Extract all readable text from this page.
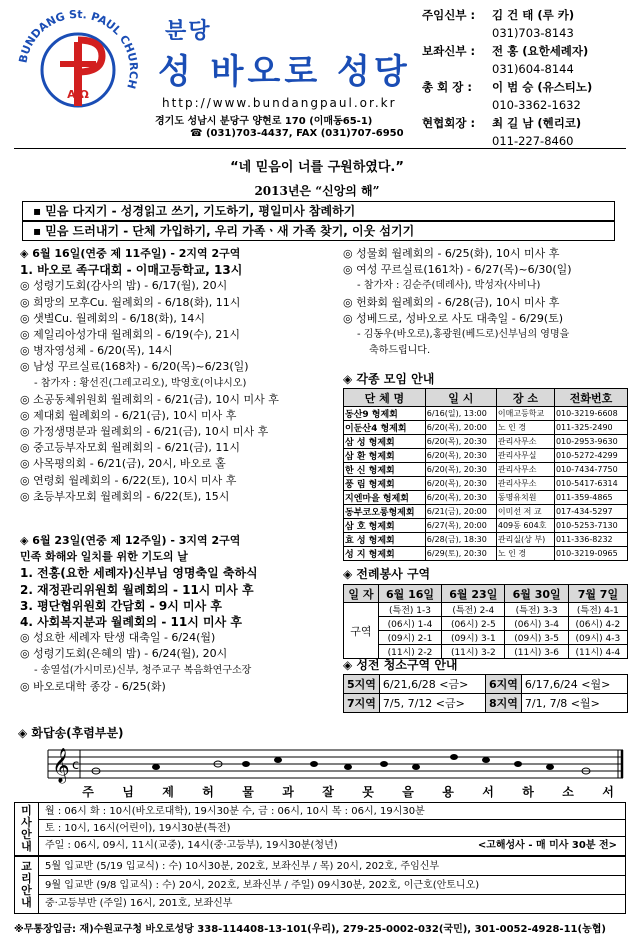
BUNDANG St. PAUL CHURCH
A Ω
분당
성 바오로 성당
http://www.bundangpaul.or.kr
경기도 성남시 분당구 양현로 170 (이매동65-1)
☎ (031)703-4437, FAX (031)707-6950
주임신부 :	김 건 태 (루 카)
031)703-8143
보좌신부 :	전 홍 (요한세례자)
031)604-8144
총 회 장 :	이 범 승 (유스티노)
010-3362-1632
현협회장 :	최 길 남 (헨리코)
011-227-8460
“네 믿음이 너를 구원하였다.”
2013년은 “신앙의 해”
▪ 믿음 다지기 - 성경읽고 쓰기, 기도하기, 평일미사 참례하기
▪ 믿음 드러내기 - 단체 가입하기, 우리 가족ㆍ새 가족 찾기, 이웃 섬기기
◈ 6월 16일(연중 제 11주일) - 2지역 2구역
1. 바오로 족구대회 - 이매고등학교, 13시
◎ 성령기도회(감사의 밤) - 6/17(월), 20시
◎ 희망의 모후Cu. 월례회의 - 6/18(화), 11시
◎ 샛별Cu. 월례회의 - 6/18(화), 14시
◎ 제일리아성가대 월례회의 - 6/19(수), 21시
◎ 병자영성체 - 6/20(목), 14시
◎ 남성 꾸르실료(168차) - 6/20(목)~6/23(일)
- 참가자 : 황선진(그레고리오), 박영호(이냐시오)
◎ 소공동체위원회 월례회의 - 6/21(금), 10시 미사 후
◎ 제대회 월례회의 - 6/21(금), 10시 미사 후
◎ 가정생명분과 월례회의 - 6/21(금), 10시 미사 후
◎ 중고등부자모회 월례회의 - 6/21(금), 11시
◎ 사목평의회 - 6/21(금), 20시, 바오로 홀
◎ 연령회 월례회의 - 6/22(토), 10시 미사 후
◎ 초등부자모회 월례회의 - 6/22(토), 15시
◈ 6월 23일(연중 제 12주일) - 3지역 2구역
민족 화해와 일치를 위한 기도의 날
1. 전홍(요한 세례자)신부님 영명축일 축하식
2. 재정관리위원회 월례회의 - 11시 미사 후
3. 평단협위원회 간담회 - 9시 미사 후
4. 사회복지분과 월례회의 - 11시 미사 후
◎ 성요한 세례자 탄생 대축일 - 6/24(월)
◎ 성령기도회(은혜의 밤) - 6/24(월), 20시
- 송열섭(가시미로)신부, 청주교구 복음화연구소장
◎ 바오로대학 종강 - 6/25(화)
◎ 성물회 월례회의 - 6/25(화), 10시 미사 후
◎ 여성 꾸르실료(161차) - 6/27(목)~6/30(일)
- 참가자 : 김순주(데레사), 박성자(사비나)
◎ 헌화회 월례회의 - 6/28(금), 10시 미사 후
◎ 성베드로, 성바오로 사도 대축일 - 6/29(토)
- 김동우(바오로),홍광원(베드로)신부님의 영명을
축하드립니다.
◈ 각종 모임 안내
단 체 명	일 시	장 소	전화번호
동산9 형제회	6/16(일), 13:00	이매고등학교	010-3219-6608
이둔산4 형제회	6/20(목), 20:00	노 인 경	011-325-2490
삼 성 형제회	6/20(목), 20:30	관리사무소	010-2953-9630
삼 환 형제회	6/20(목), 20:30	관리사무실	010-5272-4299
한 신 형제회	6/20(목), 20:30	관리사무소	010-7434-7750
풍 림 형제회	6/20(목), 20:30	관리사무소	010-5417-6314
지엔마을 형제회	6/20(목), 20:30	동명유치원	011-359-4865
동부코오롱형제회	6/21(금), 20:00	이미선 저 교	017-434-5297
삼 호 형제회	6/27(목), 20:00	409동 604호	010-5253-7130
효 성 형제회	6/28(금), 18:30	관리실(상 부)	011-336-8232
성 지 형제회	6/29(토), 20:30	노 인 경	010-3219-0965
◈ 전례봉사 구역
일 자	6월 16일	6월 23일	6월 30일	7월 7일
구역	(특전) 1-3	(특전) 2-4	(특전) 3-3	(특전) 4-1
	(06시) 1-4	(06시) 2-5	(06시) 3-4	(06시) 4-2
	(09시) 2-1	(09시) 3-1	(09시) 3-5	(09시) 4-3
	(11시) 2-2	(11시) 3-2	(11시) 3-6	(11시) 4-4
◈ 성전 청소구역 안내
5지역	6/21,6/28 <금>	6지역	6/17,6/24 <월>
7지역	7/5, 7/12 <금>	8지역	7/1, 7/8 <월>
◈ 화답송(후렴부분)
𝄞 c
주 님 제 허 물 과 잘 못 을 용 서 하 소 서
미
사
안
내
월 : 06시 화 : 10시(바오로대학), 19시30분 수, 금 : 06시, 10시 목 : 06시, 19시30분
토 : 10시, 16시(어린이), 19시30분(특전)
주일 : 06시, 09시, 11시(교중), 14시(중·고등부), 19시30분(청년)	<고해성사 - 매 미사 30분 전>
교
리
안
내
5월 입교반 (5/19 입교식) : 수) 10시30분, 202호, 보좌신부 / 목) 20시, 202호, 주임신부
9월 입교반 (9/8 입교식) : 수) 20시, 202호, 보좌신부 / 주일) 09시30분, 202호, 이근호(안토니오)
중·고등부반 (주일) 16시, 201호, 보좌신부
※무통장입금: 재)수원교구청 바오로성당 338-114408-13-101(우리), 279-25-0002-032(국민), 301-0052-4928-11(농협)
